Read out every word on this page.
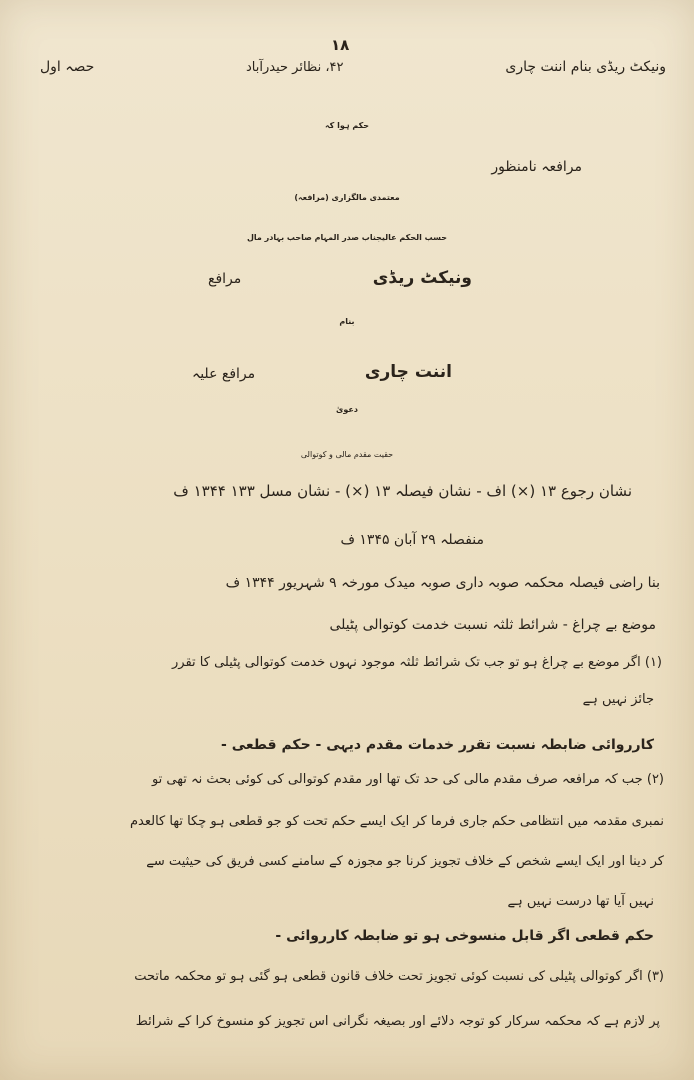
۱۸
۴۲، نظائر حیدرآباد	ونیکٹ ریڈی بنام اننت چاری
حصہ اول
حکم ہوا کہ
مرافعہ نامنظور
معتمدی مالگزاری (مرافعہ)
حسب الحکم عالیجناب صدر المہام صاحب بہادر مال
ونیکٹ ریڈی
مرافع
بنام
اننت چاری
مرافع علیہ
دعویٰ
حقیت مقدم مالی و کوتوالی
نشان رجوع ۱۳ (×) اف - نشان فیصلہ ۱۳ (×) - نشان مسل ۱۳۳ ۱۳۴۴ ف
منفصلہ ۲۹ آبان ۱۳۴۵ ف
بنا راضی فیصلہ محکمہ صوبہ داری صوبہ میدک مورخہ ۹ شہریور ۱۳۴۴ ف
موضع بے چراغ - شرائط ثلثہ نسبت خدمت کوتوالی پٹیلی
(۱) اگر موضع بے چراغ ہو تو جب تک شرائط ثلثہ موجود نہوں خدمت کوتوالی پٹیلی کا تقرر
جائز نہیں ہے
کارروائی ضابطہ نسبت تقرر خدمات مقدم دیہی - حکم قطعی -
(۲) جب کہ مرافعہ صرف مقدم مالی کی حد تک تھا اور مقدم کوتوالی کی کوئی بحث نہ تھی تو
نمبری مقدمہ میں انتظامی حکم جاری فرما کر ایک ایسے حکم تحت کو جو قطعی ہو چکا تھا کالعدم
کر دینا اور ایک ایسے شخص کے خلاف تجویز کرنا جو مجوزہ کے سامنے کسی فریق کی حیثیت سے
نہیں آیا تھا درست نہیں ہے
حکم قطعی اگر قابل منسوخی ہو تو ضابطہ کارروائی -
(۳) اگر کوتوالی پٹیلی کی نسبت کوئی تجویز تحت خلاف قانون قطعی ہو گئی ہو تو محکمہ ماتحت
پر لازم ہے کہ محکمہ سرکار کو توجہ دلائے اور بصیغہ نگرانی اس تجویز کو منسوخ کرا کے شرائط
